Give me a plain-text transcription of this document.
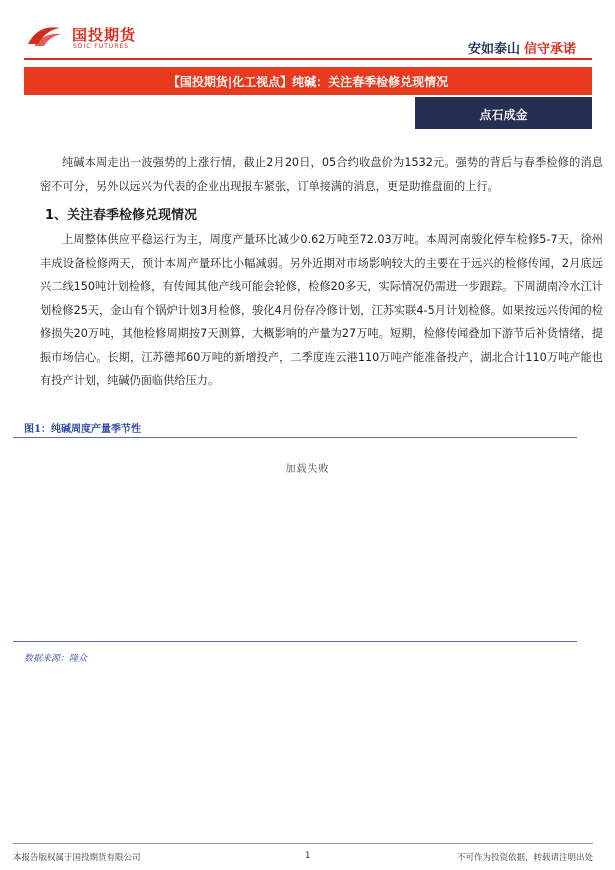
国投期货
SDIC FUTURES	安如泰山 信守承诺
【国投期货|化工视点】纯碱：关注春季检修兑现情况
点石成金

纯碱本周走出一波强势的上涨行情，截止2月20日，05合约收盘价为1532元。强势的背后与春季检修的消息密不可分，另外以远兴为代表的企业出现报车紧张，订单接满的消息，更是助推盘面的上行。

1、关注春季检修兑现情况

上周整体供应平稳运行为主，周度产量环比减少0.62万吨至72.03万吨。本周河南骏化停车检修5-7天，徐州丰成设备检修两天，预计本周产量环比小幅减弱。另外近期对市场影响较大的主要在于远兴的检修传闻，2月底远兴二线150吨计划检修，有传闻其他产线可能会轮修，检修20多天，实际情况仍需进一步跟踪。下周湖南冷水江计划检修25天，金山有个锅炉计划3月检修，骏化4月份存冷修计划，江苏实联4-5月计划检修。如果按远兴传闻的检修损失20万吨，其他检修周期按7天测算，大概影响的产量为27万吨。短期，检修传闻叠加下游节后补货情绪，提振市场信心。长期，江苏德邦60万吨的新增投产，二季度连云港110万吨产能准备投产，湖北合计110万吨产能也有投产计划，纯碱仍面临供给压力。

图1：纯碱周度产量季节性
加载失败
数据来源：隆众
本报告版权属于国投期货有限公司	1	不可作为投资依据，转载请注明出处
